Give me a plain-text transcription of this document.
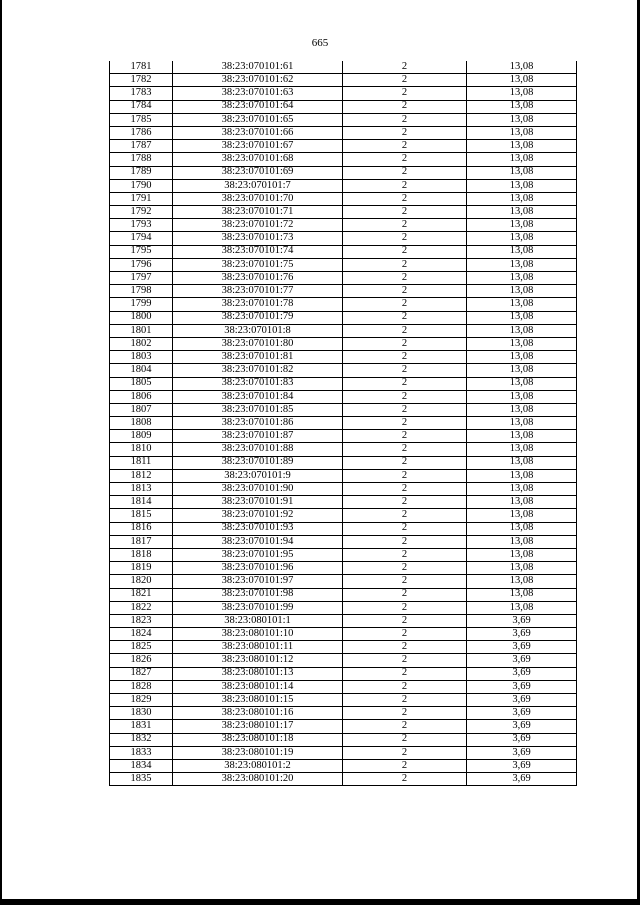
665
1781	38:23:070101:61	2	13,08
1782	38:23:070101:62	2	13,08
1783	38:23:070101:63	2	13,08
1784	38:23:070101:64	2	13,08
1785	38:23:070101:65	2	13,08
1786	38:23:070101:66	2	13,08
1787	38:23:070101:67	2	13,08
1788	38:23:070101:68	2	13,08
1789	38:23:070101:69	2	13,08
1790	38:23:070101:7	2	13,08
1791	38:23:070101:70	2	13,08
1792	38:23:070101:71	2	13,08
1793	38:23:070101:72	2	13,08
1794	38:23:070101:73	2	13,08
1795	38:23:070101:74	2	13,08
1796	38:23:070101:75	2	13,08
1797	38:23:070101:76	2	13,08
1798	38:23:070101:77	2	13,08
1799	38:23:070101:78	2	13,08
1800	38:23:070101:79	2	13,08
1801	38:23:070101:8	2	13,08
1802	38:23:070101:80	2	13,08
1803	38:23:070101:81	2	13,08
1804	38:23:070101:82	2	13,08
1805	38:23:070101:83	2	13,08
1806	38:23:070101:84	2	13,08
1807	38:23:070101:85	2	13,08
1808	38:23:070101:86	2	13,08
1809	38:23:070101:87	2	13,08
1810	38:23:070101:88	2	13,08
1811	38:23:070101:89	2	13,08
1812	38:23:070101:9	2	13,08
1813	38:23:070101:90	2	13,08
1814	38:23:070101:91	2	13,08
1815	38:23:070101:92	2	13,08
1816	38:23:070101:93	2	13,08
1817	38:23:070101:94	2	13,08
1818	38:23:070101:95	2	13,08
1819	38:23:070101:96	2	13,08
1820	38:23:070101:97	2	13,08
1821	38:23:070101:98	2	13,08
1822	38:23:070101:99	2	13,08
1823	38:23:080101:1	2	3,69
1824	38:23:080101:10	2	3,69
1825	38:23:080101:11	2	3,69
1826	38:23:080101:12	2	3,69
1827	38:23:080101:13	2	3,69
1828	38:23:080101:14	2	3,69
1829	38:23:080101:15	2	3,69
1830	38:23:080101:16	2	3,69
1831	38:23:080101:17	2	3,69
1832	38:23:080101:18	2	3,69
1833	38:23:080101:19	2	3,69
1834	38:23:080101:2	2	3,69
1835	38:23:080101:20	2	3,69
